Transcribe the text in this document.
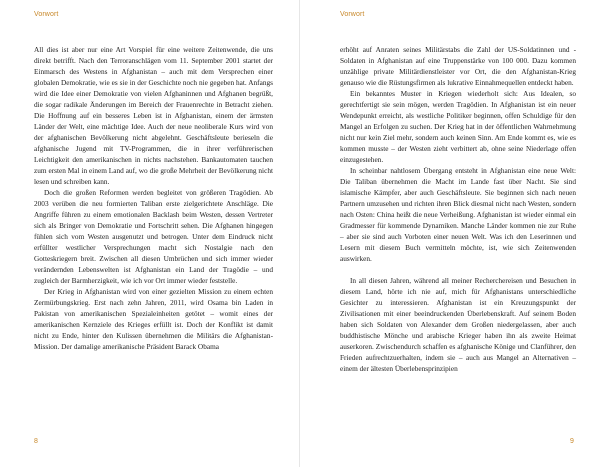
Vorwort

All dies ist aber nur eine Art Vorspiel für eine weitere Zeitenwende, die uns direkt betrifft. Nach den Terroranschlägen vom 11. September 2001 startet der Einmarsch des Westens in Afghanistan – auch mit dem Versprechen einer globalen Demokratie, wie es sie in der Geschichte noch nie gegeben hat. Anfangs wird die Idee einer Demokratie von vielen Afghaninnen und Afghanen begrüßt, die sogar radikale Änderungen im Bereich der Frauenrechte in Betracht ziehen. Die Hoffnung auf ein besseres Leben ist in Afghanistan, einem der ärmsten Länder der Welt, eine mächtige Idee. Auch der neue neoliberale Kurs wird von der afghanischen Bevölkerung nicht abgelehnt. Geschäftsleute berieseln die afghanische Jugend mit TV-Programmen, die in ihrer verführerischen Leichtigkeit den amerikanischen in nichts nachstehen. Bankautomaten tauchen zum ersten Mal in einem Land auf, wo die große Mehrheit der Bevölkerung nicht lesen und schreiben kann.

Doch die großen Reformen werden begleitet von größeren Tragödien. Ab 2003 verüben die neu formierten Taliban erste zielgerichtete Anschläge. Die Angriffe führen zu einem emotionalen Backlash beim Westen, dessen Vertreter sich als Bringer von Demokratie und Fortschritt sehen. Die Afghanen hingegen fühlen sich vom Westen ausgenutzt und betrogen. Unter dem Eindruck nicht erfüllter westlicher Versprechungen macht sich Nostalgie nach den Gotteskriegern breit. Zwischen all diesen Umbrüchen und sich immer wieder verändernden Lebenswelten ist Afghanistan ein Land der Tragödie – und zugleich der Barmherzigkeit, wie ich vor Ort immer wieder feststelle.

Der Krieg in Afghanistan wird von einer gezielten Mission zu einem echten Zermürbungskrieg. Erst nach zehn Jahren, 2011, wird Osama bin Laden in Pakistan von amerikanischen Spezialeinheiten getötet – womit eines der amerikanischen Kernziele des Krieges erfüllt ist. Doch der Konflikt ist damit nicht zu Ende, hinter den Kulissen übernehmen die Militärs die Afghanistan-Mission. Der damalige amerikanische Präsident Barack Obama

8
Vorwort

erhöht auf Anraten seines Militärstabs die Zahl der US-Soldatinnen und -Soldaten in Afghanistan auf eine Truppenstärke von 100 000. Dazu kommen unzählige private Militärdienstleister vor Ort, die den Afghanistan-Krieg genauso wie die Rüstungsfirmen als lukrative Einnahmequellen entdeckt haben.

Ein bekanntes Muster in Kriegen wiederholt sich: Aus Idealen, so gerechtfertigt sie sein mögen, werden Tragödien. In Afghanistan ist ein neuer Wendepunkt erreicht, als westliche Politiker beginnen, offen Schuldige für den Mangel an Erfolgen zu suchen. Der Krieg hat in der öffentlichen Wahrnehmung nicht nur kein Ziel mehr, sondern auch keinen Sinn. Am Ende kommt es, wie es kommen musste – der Westen zieht verbittert ab, ohne seine Niederlage offen einzugestehen.

In scheinbar nahtlosem Übergang entsteht in Afghanistan eine neue Welt: Die Taliban übernehmen die Macht im Lande fast über Nacht. Sie sind islamische Kämpfer, aber auch Geschäftsleute. Sie beginnen sich nach neuen Partnern umzusehen und richten ihren Blick diesmal nicht nach Westen, sondern nach Osten: China heißt die neue Verheißung. Afghanistan ist wieder einmal ein Gradmesser für kommende Dynamiken. Manche Länder kommen nie zur Ruhe – aber sie sind auch Vorboten einer neuen Welt. Was ich den Leserinnen und Lesern mit diesem Buch vermitteln möchte, ist, wie sich Zeitenwenden auswirken.

In all diesen Jahren, während all meiner Recherchereisen und Besuchen in diesem Land, hörte ich nie auf, mich für Afghanistans unterschiedliche Gesichter zu interessieren. Afghanistan ist ein Kreuzungspunkt der Zivilisationen mit einer beeindruckenden Überlebenskraft. Auf seinem Boden haben sich Soldaten von Alexander dem Großen niedergelassen, aber auch buddhistische Mönche und arabische Krieger haben ihn als zweite Heimat auserkoren. Zwischendurch schaffen es afghanische Könige und Clanführer, den Frieden aufrechtzuerhalten, indem sie – auch aus Mangel an Alternativen – einem der ältesten Überlebensprinzipien

9
